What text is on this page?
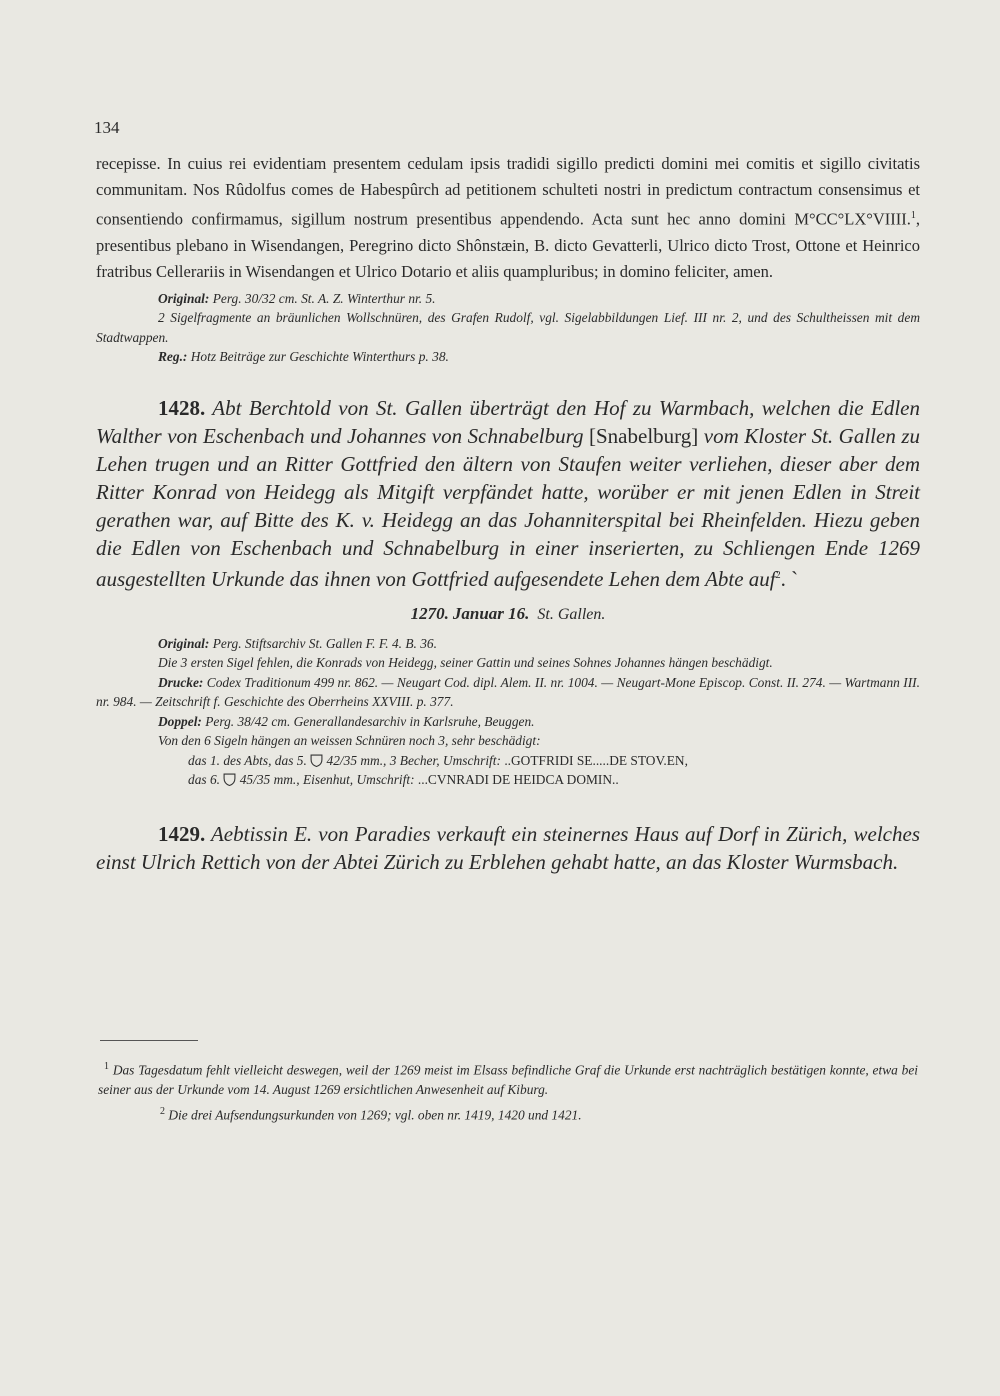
134

recepisse. In cuius rei evidentiam presentem cedulam ipsis tradidi sigillo predicti domini mei comitis et sigillo civitatis communitam. Nos Rûdolfus comes de Habespûrch ad petitionem schulteti nostri in predictum contractum consensimus et consentiendo confirmamus, sigillum nostrum presentibus appendendo. Acta sunt hec anno domini M°CC°LX°VIIII.$^1$, presentibus plebano in Wisendangen, Peregrino dicto Shônstæin, B. dicto Gevatterli, Ulrico dicto Trost, Ottone et Heinrico fratribus Cellerariis in Wisendangen et Ulrico Dotario et aliis quampluribus; in domino feliciter, amen.

Original: Perg. 30/32 cm. St. A. Z. Winterthur nr. 5.

2 Sigelfragmente an bräunlichen Wollschnüren, des Grafen Rudolf, vgl. Sigelabbildungen Lief. III nr. 2, und des Schultheissen mit dem Stadtwappen.

Reg.: Hotz Beiträge zur Geschichte Winterthurs p. 38.

1428. Abt Berchtold von St. Gallen überträgt den Hof zu Warmbach, welchen die Edlen Walther von Eschenbach und Johannes von Schnabelburg [Snabelburg] vom Kloster St. Gallen zu Lehen trugen und an Ritter Gottfried den ältern von Staufen weiter verliehen, dieser aber dem Ritter Konrad von Heidegg als Mitgift verpfändet hatte, worüber er mit jenen Edlen in Streit gerathen war, auf Bitte des K. v. Heidegg an das Johanniterspital bei Rheinfelden. Hiezu geben die Edlen von Eschenbach und Schnabelburg in einer inserierten, zu Schliengen Ende 1269 ausgestellten Urkunde das ihnen von Gottfried aufgesendete Lehen dem Abte auf$^2$. ˋ

1270. Januar 16. St. Gallen.

Original: Perg. Stiftsarchiv St. Gallen F. F. 4. B. 36.

Die 3 ersten Sigel fehlen, die Konrads von Heidegg, seiner Gattin und seines Sohnes Johannes hängen beschädigt.

Drucke: Codex Traditionum 499 nr. 862. — Neugart Cod. dipl. Alem. II. nr. 1004. — Neugart-Mone Episcop. Const. II. 274. — Wartmann III. nr. 984. — Zeitschrift f. Geschichte des Oberrheins XXVIII. p. 377.

Doppel: Perg. 38/42 cm. Generallandesarchiv in Karlsruhe, Beuggen.

Von den 6 Sigeln hängen an weissen Schnüren noch 3, sehr beschädigt:

das 1. des Abts, das 5. 42/35 mm., 3 Becher, Umschrift: ..GOTFRIDI SE.....DE STOV.EN,

das 6. 45/35 mm., Eisenhut, Umschrift: ...CVNRADI DE HEIDCA DOMIN..

1429. Aebtissin E. von Paradies verkauft ein steinernes Haus auf Dorf in Zürich, welches einst Ulrich Rettich von der Abtei Zürich zu Erblehen gehabt hatte, an das Kloster Wurmsbach.

$^1$ Das Tagesdatum fehlt vielleicht deswegen, weil der 1269 meist im Elsass befindliche Graf die Urkunde erst nachträglich bestätigen konnte, etwa bei seiner aus der Urkunde vom 14. August 1269 ersichtlichen Anwesenheit auf Kiburg.

$^2$ Die drei Aufsendungsurkunden von 1269; vgl. oben nr. 1419, 1420 und 1421.
